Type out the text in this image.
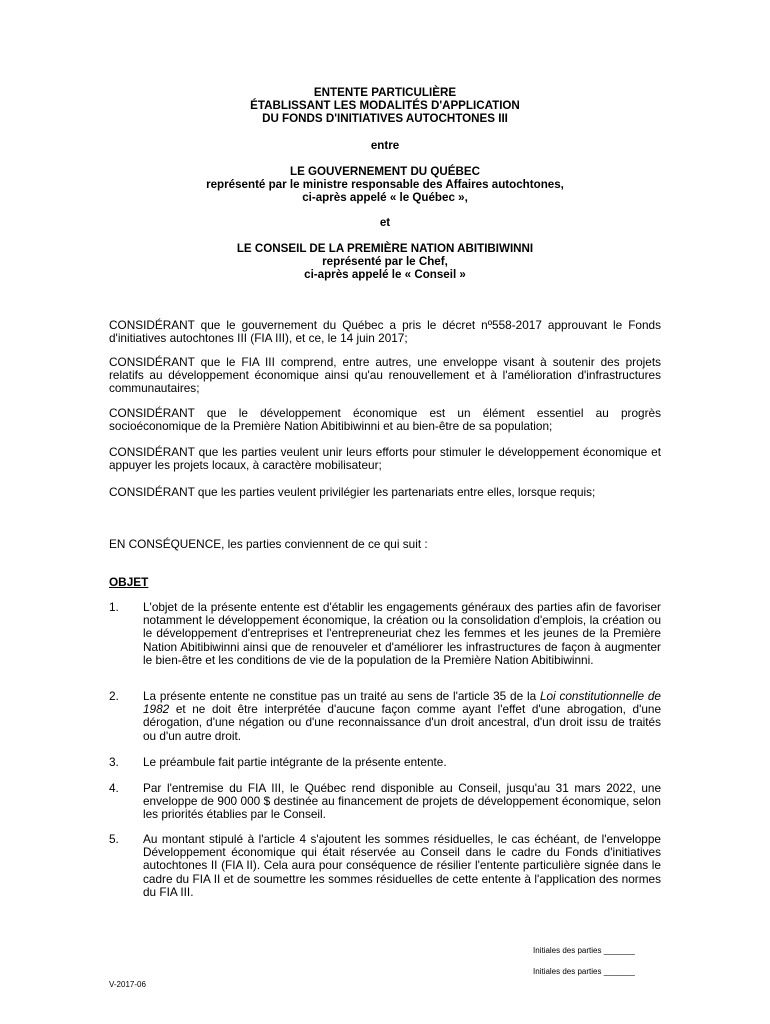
ENTENTE PARTICULIÈRE
ÉTABLISSANT LES MODALITÉS D'APPLICATION
DU FONDS D'INITIATIVES AUTOCHTONES III
entre
LE GOUVERNEMENT DU QUÉBEC
représenté par le ministre responsable des Affaires autochtones,
ci-après appelé « le Québec »,
et
LE CONSEIL DE LA PREMIÈRE NATION ABITIBIWINNI
représenté par le Chef,
ci-après appelé le « Conseil »
CONSIDÉRANT que le gouvernement du Québec a pris le décret nº558-2017 approuvant le Fonds d'initiatives autochtones III (FIA III), et ce, le 14 juin 2017;
CONSIDÉRANT que le FIA III comprend, entre autres, une enveloppe visant à soutenir des projets relatifs au développement économique ainsi qu'au renouvellement et à l'amélioration d'infrastructures communautaires;
CONSIDÉRANT que le développement économique est un élément essentiel au progrès socioéconomique de la Première Nation Abitibiwinni et au bien-être de sa population;
CONSIDÉRANT que les parties veulent unir leurs efforts pour stimuler le développement économique et appuyer les projets locaux, à caractère mobilisateur;
CONSIDÉRANT que les parties veulent privilégier les partenariats entre elles, lorsque requis;
EN CONSÉQUENCE, les parties conviennent de ce qui suit :
OBJET
1. L'objet de la présente entente est d'établir les engagements généraux des parties afin de favoriser notamment le développement économique, la création ou la consolidation d'emplois, la création ou le développement d'entreprises et l'entrepreneuriat chez les femmes et les jeunes de la Première Nation Abitibiwinni ainsi que de renouveler et d'améliorer les infrastructures de façon à augmenter le bien-être et les conditions de vie de la population de la Première Nation Abitibiwinni.
2. La présente entente ne constitue pas un traité au sens de l'article 35 de la Loi constitutionnelle de 1982 et ne doit être interprétée d'aucune façon comme ayant l'effet d'une abrogation, d'une dérogation, d'une négation ou d'une reconnaissance d'un droit ancestral, d'un droit issu de traités ou d'un autre droit.
3. Le préambule fait partie intégrante de la présente entente.
4. Par l'entremise du FIA III, le Québec rend disponible au Conseil, jusqu'au 31 mars 2022, une enveloppe de 900 000 $ destinée au financement de projets de développement économique, selon les priorités établies par le Conseil.
5. Au montant stipulé à l'article 4 s'ajoutent les sommes résiduelles, le cas échéant, de l'enveloppe Développement économique qui était réservée au Conseil dans le cadre du Fonds d'initiatives autochtones II (FIA II). Cela aura pour conséquence de résilier l'entente particulière signée dans le cadre du FIA II et de soumettre les sommes résiduelles de cette entente à l'application des normes du FIA III.
Initiales des parties _______
Initiales des parties _______
V-2017-06
